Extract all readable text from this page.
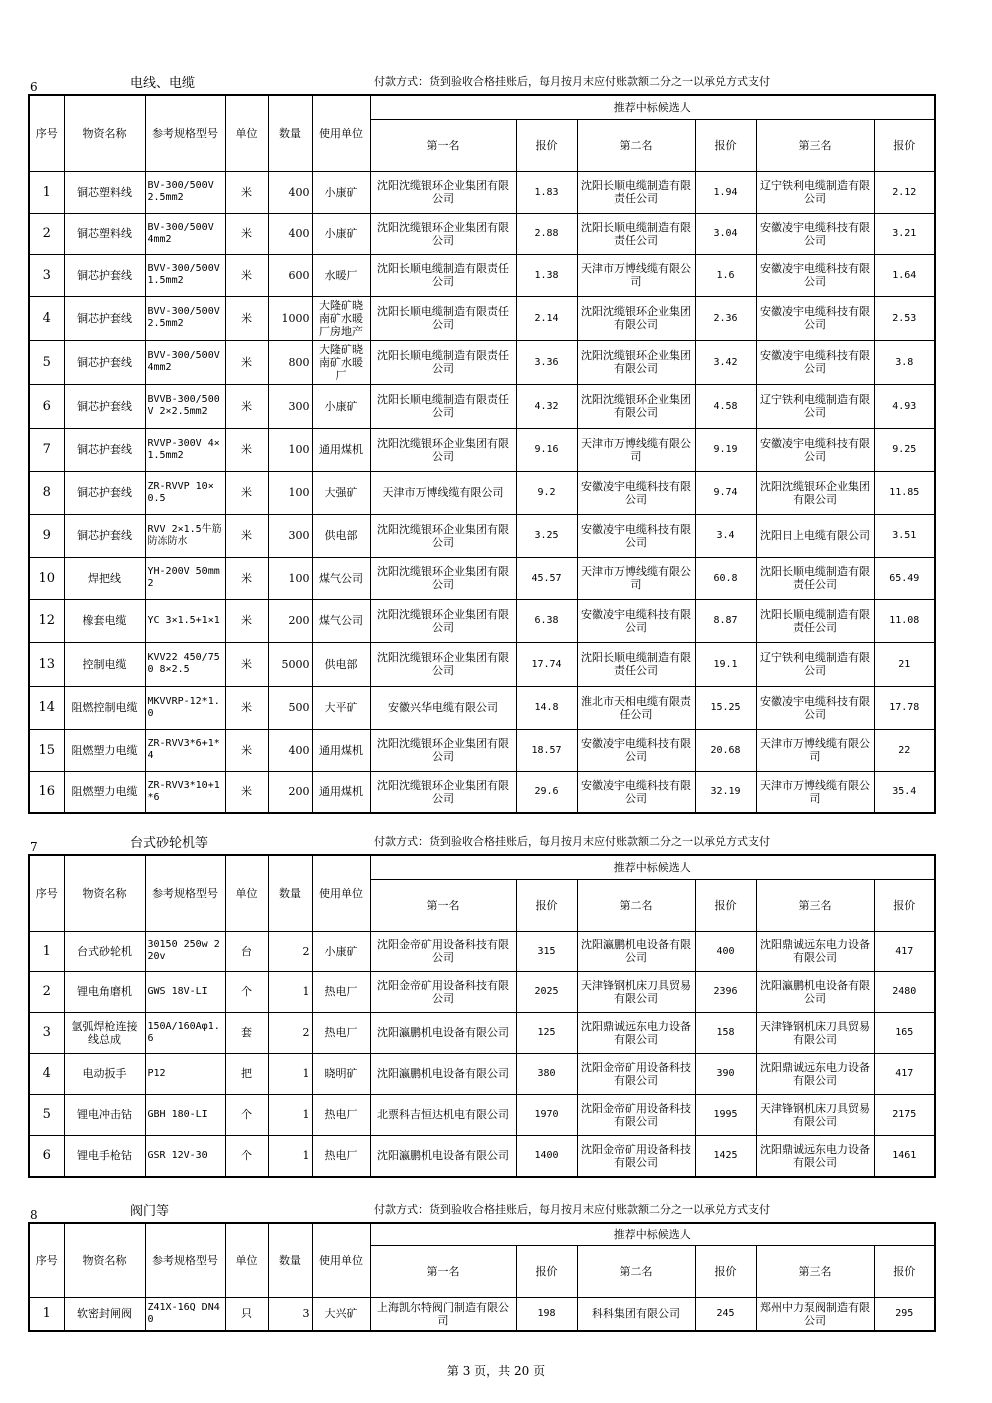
6	电线、电缆	付款方式：货到验收合格挂账后，每月按月末应付账款额二分之一以承兑方式支付
序号	物资名称	参考规格型号	单位	数量	使用单位	推荐中标候选人					
						第一名	报价	第二名	报价	第三名	报价
1	铜芯塑料线	BV-300/500V 2.5mm2	米	400	小康矿	沈阳沈缆银环企业集团有限公司	1.83	沈阳长顺电缆制造有限责任公司	1.94	辽宁铁利电缆制造有限公司	2.12
2	铜芯塑料线	BV-300/500V 4mm2	米	400	小康矿	沈阳沈缆银环企业集团有限公司	2.88	沈阳长顺电缆制造有限责任公司	3.04	安徽凌宇电缆科技有限公司	3.21
3	铜芯护套线	BVV-300/500V 1.5mm2	米	600	水暖厂	沈阳长顺电缆制造有限责任公司	1.38	天津市万博线缆有限公司	1.6	安徽凌宇电缆科技有限公司	1.64
4	铜芯护套线	BVV-300/500V 2.5mm2	米	1000	大隆矿晓南矿水暖厂房地产	沈阳长顺电缆制造有限责任公司	2.14	沈阳沈缆银环企业集团有限公司	2.36	安徽凌宇电缆科技有限公司	2.53
5	铜芯护套线	BVV-300/500V 4mm2	米	800	大隆矿晓南矿水暖厂	沈阳长顺电缆制造有限责任公司	3.36	沈阳沈缆银环企业集团有限公司	3.42	安徽凌宇电缆科技有限公司	3.8
6	铜芯护套线	BVVB-300/500V 2×2.5mm2	米	300	小康矿	沈阳长顺电缆制造有限责任公司	4.32	沈阳沈缆银环企业集团有限公司	4.58	辽宁铁利电缆制造有限公司	4.93
7	铜芯护套线	RVVP-300V 4×1.5mm2	米	100	通用煤机	沈阳沈缆银环企业集团有限公司	9.16	天津市万博线缆有限公司	9.19	安徽凌宇电缆科技有限公司	9.25
8	铜芯护套线	ZR-RVVP 10×0.5	米	100	大强矿	天津市万博线缆有限公司	9.2	安徽凌宇电缆科技有限公司	9.74	沈阳沈缆银环企业集团有限公司	11.85
9	铜芯护套线	RVV 2×1.5牛筋防冻防水	米	300	供电部	沈阳沈缆银环企业集团有限公司	3.25	安徽凌宇电缆科技有限公司	3.4	沈阳日上电缆有限公司	3.51
10	焊把线	YH-200V 50mm2	米	100	煤气公司	沈阳沈缆银环企业集团有限公司	45.57	天津市万博线缆有限公司	60.8	沈阳长顺电缆制造有限责任公司	65.49
12	橡套电缆	YC 3×1.5+1×1	米	200	煤气公司	沈阳沈缆银环企业集团有限公司	6.38	安徽凌宇电缆科技有限公司	8.87	沈阳长顺电缆制造有限责任公司	11.08
13	控制电缆	KVV22 450/750 8×2.5	米	5000	供电部	沈阳沈缆银环企业集团有限公司	17.74	沈阳长顺电缆制造有限责任公司	19.1	辽宁铁利电缆制造有限公司	21
14	阻燃控制电缆	MKVVRP-12*1.0	米	500	大平矿	安徽兴华电缆有限公司	14.8	淮北市天相电缆有限责任公司	15.25	安徽凌宇电缆科技有限公司	17.78
15	阻燃塑力电缆	ZR-RVV3*6+1*4	米	400	通用煤机	沈阳沈缆银环企业集团有限公司	18.57	安徽凌宇电缆科技有限公司	20.68	天津市万博线缆有限公司	22
16	阻燃塑力电缆	ZR-RVV3*10+1*6	米	200	通用煤机	沈阳沈缆银环企业集团有限公司	29.6	安徽凌宇电缆科技有限公司	32.19	天津市万博线缆有限公司	35.4
7	台式砂轮机等	付款方式：货到验收合格挂账后，每月按月末应付账款额二分之一以承兑方式支付
序号	物资名称	参考规格型号	单位	数量	使用单位	推荐中标候选人					
						第一名	报价	第二名	报价	第三名	报价
1	台式砂轮机	30150 250w 220v	台	2	小康矿	沈阳金帝矿用设备科技有限公司	315	沈阳瀛鹏机电设备有限公司	400	沈阳鼎诚远东电力设备有限公司	417
2	锂电角磨机	GWS 18V-LI	个	1	热电厂	沈阳金帝矿用设备科技有限公司	2025	天津锋钢机床刀具贸易有限公司	2396	沈阳瀛鹏机电设备有限公司	2480
3	氩弧焊枪连接线总成	150A/160Aφ1.6	套	2	热电厂	沈阳瀛鹏机电设备有限公司	125	沈阳鼎诚远东电力设备有限公司	158	天津锋钢机床刀具贸易有限公司	165
4	电动扳手	P12	把	1	晓明矿	沈阳瀛鹏机电设备有限公司	380	沈阳金帝矿用设备科技有限公司	390	沈阳鼎诚远东电力设备有限公司	417
5	锂电冲击钻	GBH 180-LI	个	1	热电厂	北票科吉恒达机电有限公司	1970	沈阳金帝矿用设备科技有限公司	1995	天津锋钢机床刀具贸易有限公司	2175
6	锂电手枪钻	GSR 12V-30	个	1	热电厂	沈阳瀛鹏机电设备有限公司	1400	沈阳金帝矿用设备科技有限公司	1425	沈阳鼎诚远东电力设备有限公司	1461
8	阀门等	付款方式：货到验收合格挂账后，每月按月末应付账款额二分之一以承兑方式支付
序号	物资名称	参考规格型号	单位	数量	使用单位	推荐中标候选人					
						第一名	报价	第二名	报价	第三名	报价
1	软密封闸阀	Z41X-16Q DN40	只	3	大兴矿	上海凯尔特阀门制造有限公司	198	科科集团有限公司	245	郑州中力泵阀制造有限公司	295
第 3 页，共 20 页
